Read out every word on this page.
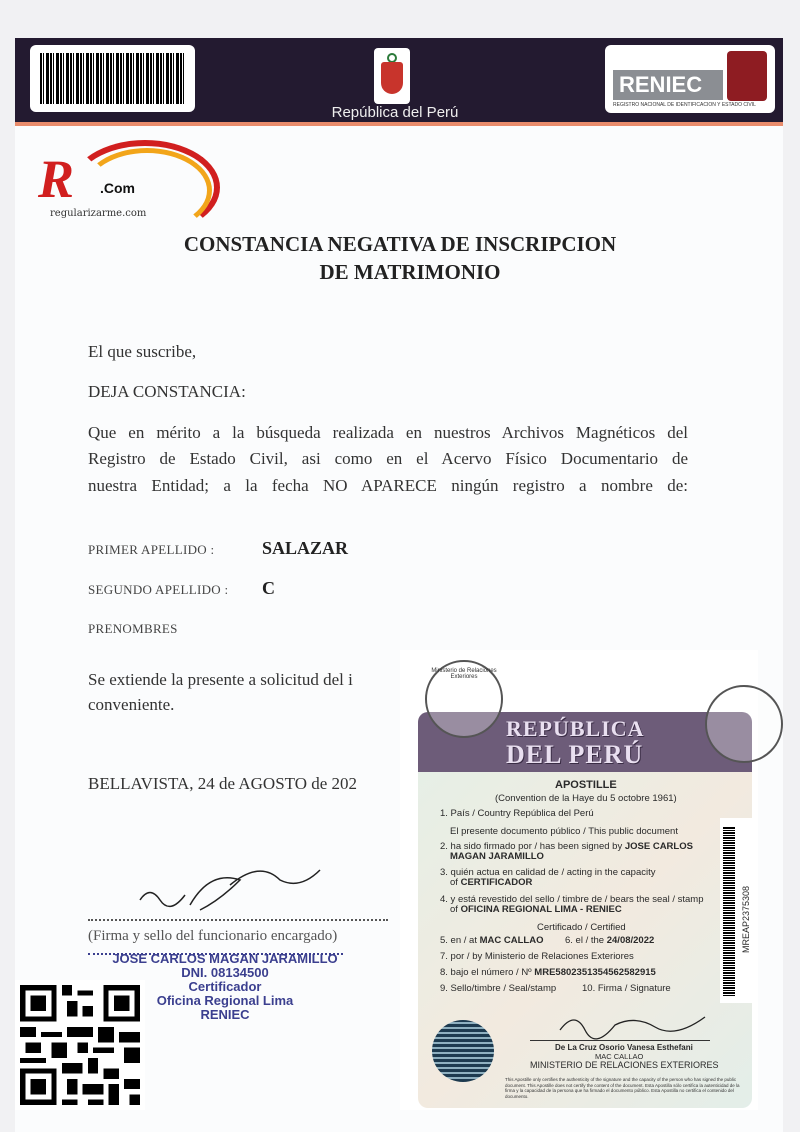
República del Perú
RENIEC
REGISTRO NACIONAL DE IDENTIFICACION Y ESTADO CIVIL
R .Com
regularizarme.com
CONSTANCIA NEGATIVA DE INSCRIPCION
DE MATRIMONIO
El que suscribe,
DEJA CONSTANCIA:
Que en mérito a la búsqueda realizada en nuestros Archivos Magnéticos del
Registro de Estado Civil, asi como en el Acervo Físico Documentario de
nuestra Entidad; a la fecha NO APARECE ningún registro a nombre de:
PRIMER APELLIDO :	SALAZAR
SEGUNDO APELLIDO : C
PRENOMBRES
Se extiende la presente a solicitud del i
conveniente.
BELLAVISTA, 24 de AGOSTO de 202
(Firma y sello del funcionario encargado)
JOSE CARLOS MAGAN JARAMILLO
DNI. 08134500
Certificador
Oficina Regional Lima
RENIEC
REPÚBLICA
DEL PERÚ
Ministerio de Relaciones Exteriores
MREAP2375308
APOSTILLE
(Convention de la Haye du 5 octobre 1961)
1. País / Country República del Perú
El presente documento público / This public document
2. ha sido firmado por / has been signed by JOSE CARLOS
MAGAN JARAMILLO
3. quién actua en calidad de / acting in the capacity
of CERTIFICADOR
4. y está revestido del sello / timbre de / bears the seal / stamp
of OFICINA REGIONAL LIMA - RENIEC
Certificado / Certified
5. en / at MAC CALLAO 6. el / the 24/08/2022
7. por / by Ministerio de Relaciones Exteriores
8. bajo el número / Nº MRE5802351354562582915
9. Sello/timbre / Seal/stamp	10. Firma / Signature
De La Cruz Osorio Vanesa Esthefani
MAC CALLAO
MINISTERIO DE RELACIONES EXTERIORES
This Apostille only certifies the authenticity of the signature and the capacity of the person who has signed the public document. This Apostille does not certify the content of the document. Esta Apostilla sólo certifica la autenticidad de la firma y la capacidad de la persona que ha firmado el documento público. Esta Apostilla no certifica el contenido del documento.
